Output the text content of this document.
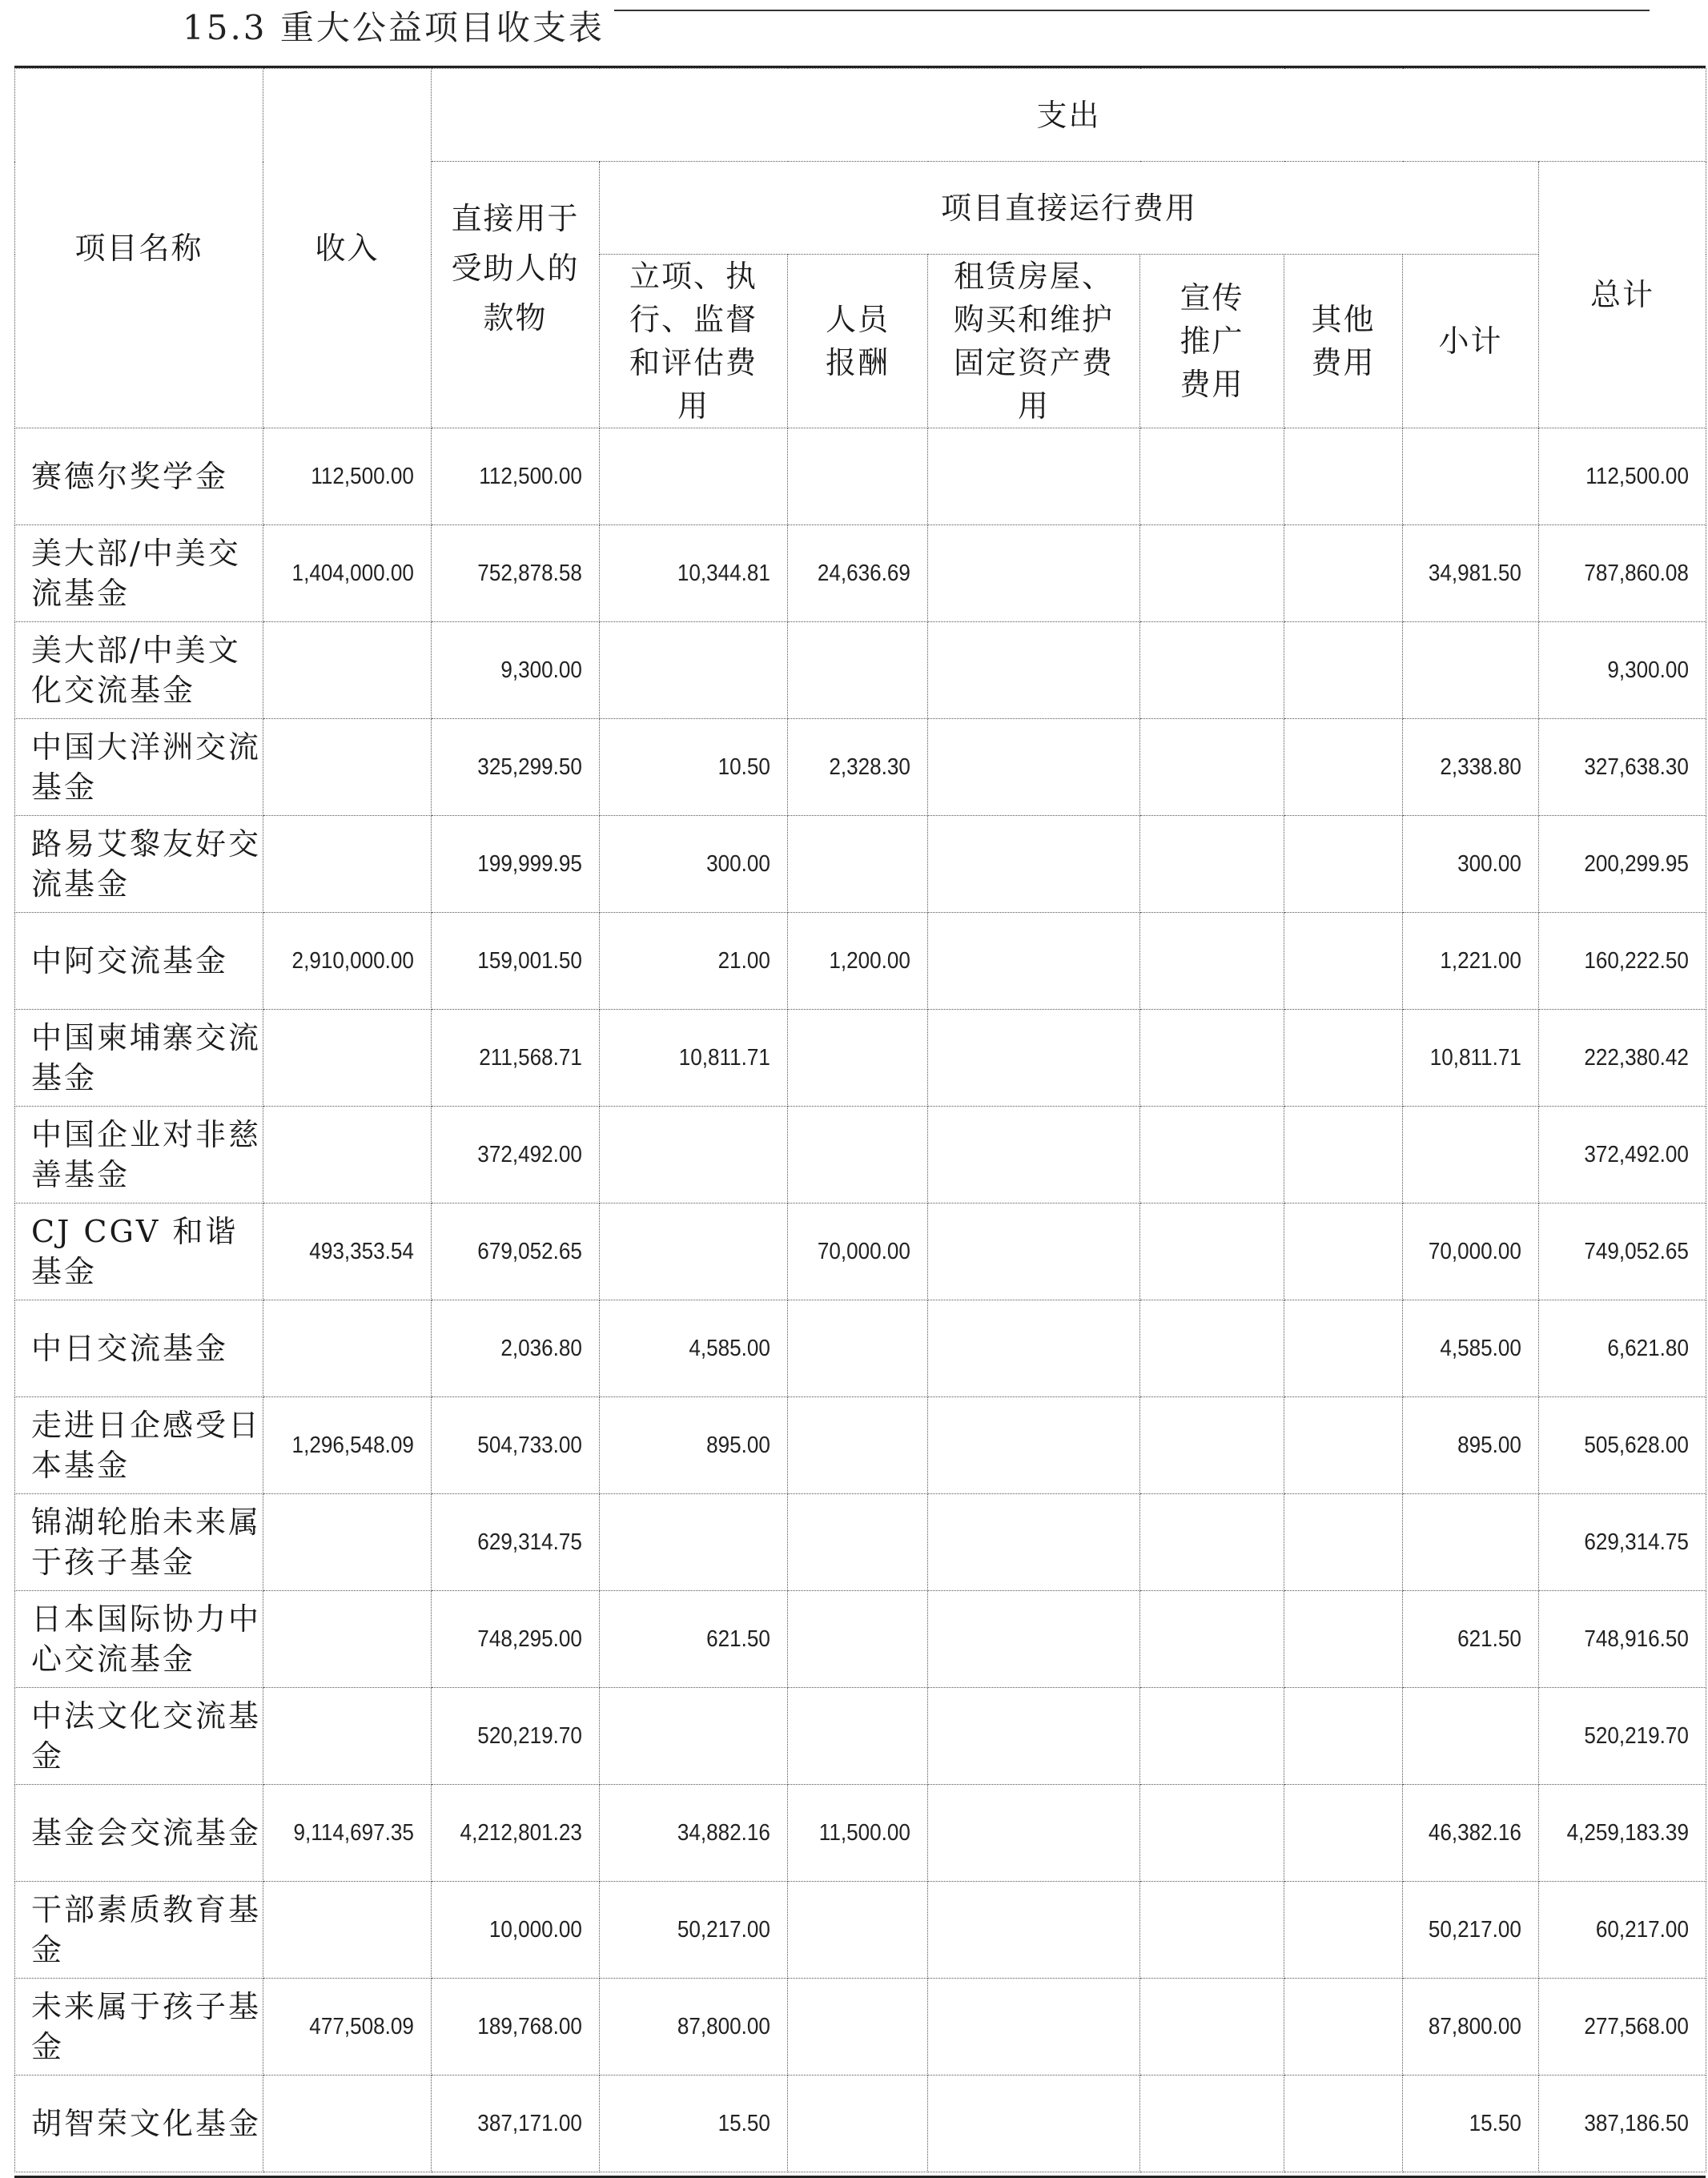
15.3 重大公益项目收支表
项目名称	收入	支出							
		直接用于受助人的款物	项目直接运行费用						总计
			立项、执行、监督和评估费用	人员报酬	租赁房屋、购买和维护固定资产费用	宣传推广费用	其他费用	小计	
赛德尔奖学金	112,500.00	112,500.00							112,500.00
美大部/中美交流基金	1,404,000.00	752,878.58	10,344.81	24,636.69				34,981.50	787,860.08
美大部/中美文化交流基金		9,300.00							9,300.00
中国大洋洲交流基金		325,299.50	10.50	2,328.30				2,338.80	327,638.30
路易艾黎友好交流基金		199,999.95	300.00					300.00	200,299.95
中阿交流基金	2,910,000.00	159,001.50	21.00	1,200.00				1,221.00	160,222.50
中国柬埔寨交流基金		211,568.71	10,811.71					10,811.71	222,380.42
中国企业对非慈善基金		372,492.00							372,492.00
CJ CGV 和谐基金	493,353.54	679,052.65		70,000.00				70,000.00	749,052.65
中日交流基金		2,036.80	4,585.00					4,585.00	6,621.80
走进日企感受日本基金	1,296,548.09	504,733.00	895.00					895.00	505,628.00
锦湖轮胎未来属于孩子基金		629,314.75							629,314.75
日本国际协力中心交流基金		748,295.00	621.50					621.50	748,916.50
中法文化交流基金		520,219.70							520,219.70
基金会交流基金	9,114,697.35	4,212,801.23	34,882.16	11,500.00				46,382.16	4,259,183.39
干部素质教育基金		10,000.00	50,217.00					50,217.00	60,217.00
未来属于孩子基金	477,508.09	189,768.00	87,800.00					87,800.00	277,568.00
胡智荣文化基金		387,171.00	15.50					15.50	387,186.50
